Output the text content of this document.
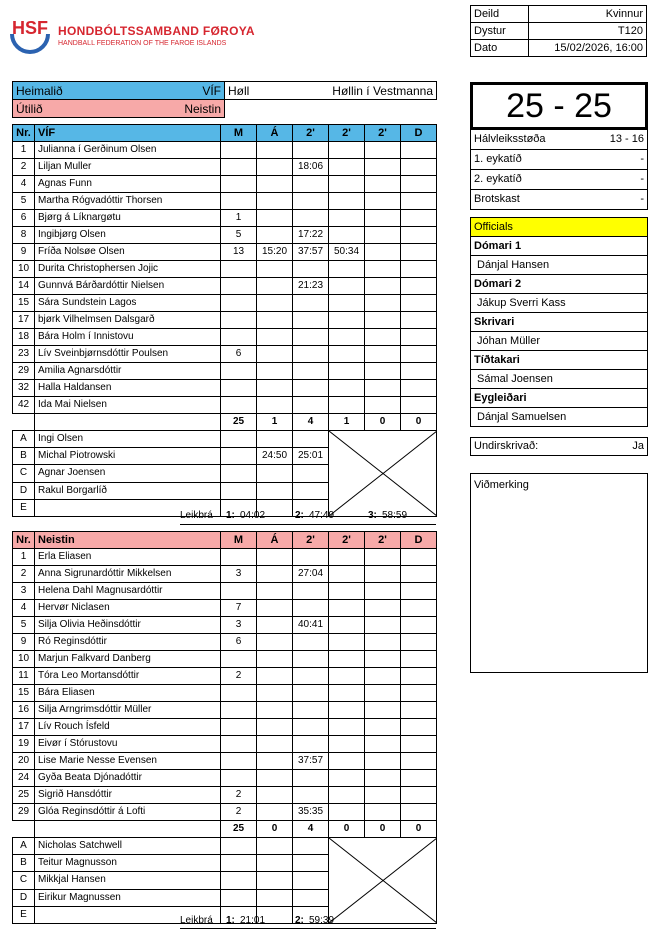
HSF HONDBÓLTSSAMBAND FØROYA
HANDBALL FEDERATION OF THE FAROE ISLANDS
Deild	Kvinnur
Dystur	T120
Dato	15/02/2026, 16:00
Heimalið VÍF	Høll Høllin í Vestmanna

Útilið Neistin	

Nr.	VÍF	M	Á	2'	2'	2'	D
1	Julianna í Gerðinum Olsen						
2	Liljan Muller			18:06			
4	Agnas Funn						
5	Martha Rógvadóttir Thorsen						
6	Bjørg á Líknargøtu	1					
8	Ingibjørg Olsen	5		17:22			
9	Fríða Nolsøe Olsen	13	15:20	37:57	50:34		
10	Durita Christophersen Jojic						
14	Gunnvá Bárðardóttir Nielsen			21:23			
15	Sára Sundstein Lagos						
17	bjørk Vilhelmsen Dalsgarð						
18	Bára Holm í Innistovu						
23	Lív Sveinbjørnsdóttir Poulsen	6					
29	Amilia Agnarsdóttir						
32	Halla Haldansen						
42	Ida Mai Nielsen						
		25	1	4	1	0	0
A	Ingi Olsen				

B	Michal Piotrowski		24:50	25:01			
C	Agnar Joensen						
D	Rakul Borgarlíð						
E							
Leikbrá 1: 04:02	2: 47:49	3: 58:59
Nr.	Neistin	M	Á	2'	2'	2'	D
1	Erla Eliasen						
2	Anna Sigrunardóttir Mikkelsen	3		27:04			
3	Helena Dahl Magnusardóttir						
4	Hervør Niclasen	7					
5	Silja Olivia Heðinsdóttir	3		40:41			
9	Ró Reginsdóttir	6					
10	Marjun Falkvard Danberg						
11	Tóra Leo Mortansdóttir	2					
15	Bára Eliasen						
16	Silja Arngrimsdóttir Müller						
17	Lív Rouch Ísfeld						
19	Eivør í Stórustovu						
20	Lise Marie Nesse Evensen			37:57			
24	Gyða Beata Djónadóttir						
25	Sigrið Hansdóttir	2					
29	Glóa Reginsdóttir á Lofti	2		35:35			
		25	0	4	0	0	0
A	Nicholas Satchwell				

B	Teitur Magnusson						
C	Mikkjal Hansen						
D	Eirikur Magnussen						
E							
Leikbrá 1: 21:01	2: 59:39
25 - 25
Hálvleiksstøða	13 - 16
1. eykatíð	-
2. eykatíð	-
Brotskast	-
Officials
Dómari 1
Dánjal Hansen
Dómari 2
Jákup Sverri Kass
Skrivari
Jóhan Müller
Tíðtakari
Sámal Joensen
Eygleiðari
Dánjal Samuelsen
Undirskrivað:	Ja
Viðmerking
